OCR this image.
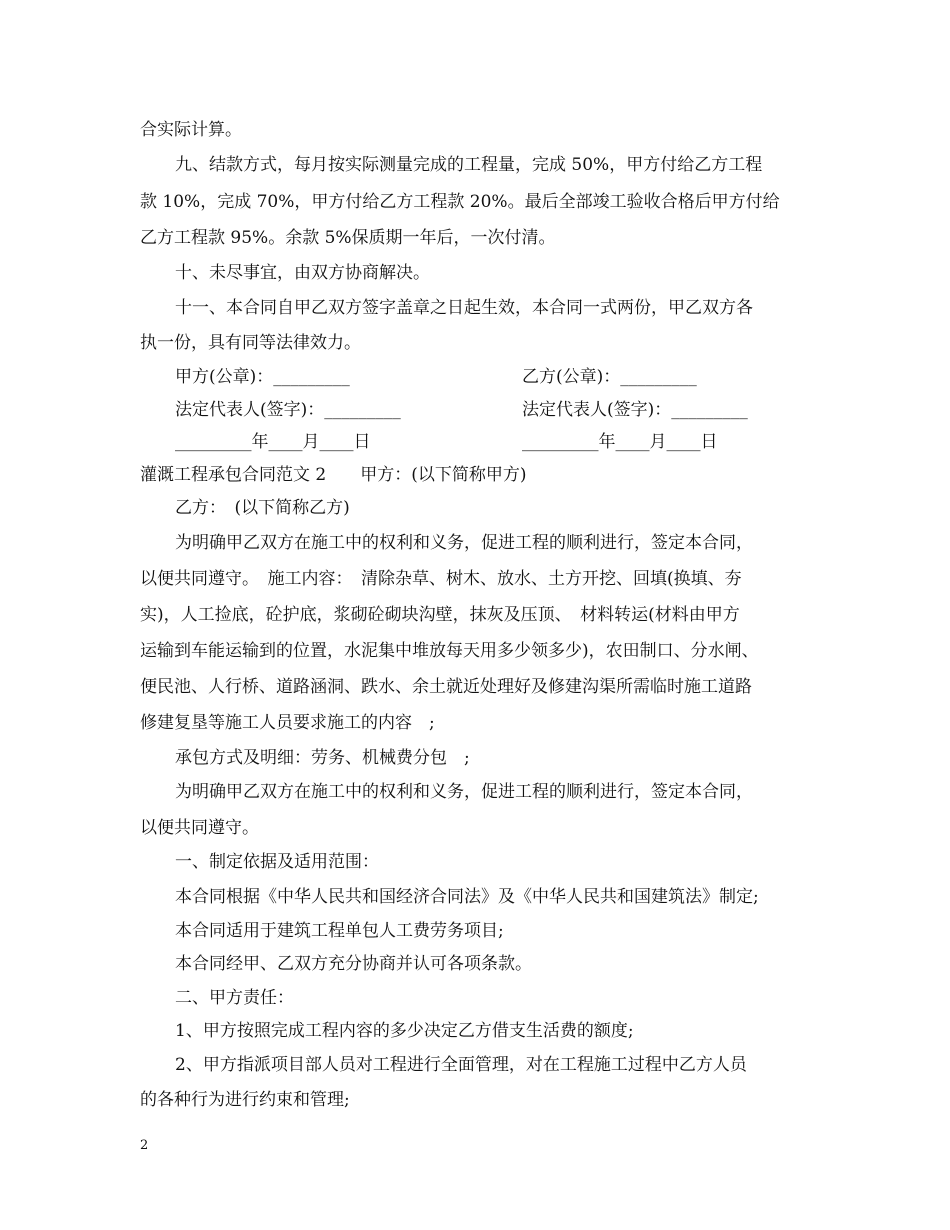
合实际计算。
九、结款方式，每月按实际测量完成的工程量，完成 50%，甲方付给乙方工程
款 10%，完成 70%，甲方付给乙方工程款 20%。最后全部竣工验收合格后甲方付给
乙方工程款 95%。余款 5%保质期一年后，一次付清。
十、未尽事宜，由双方协商解决。
十一、本合同自甲乙双方签字盖章之日起生效，本合同一式两份，甲乙双方各
执一份，具有同等法律效力。
甲方(公章)：_________	乙方(公章)：_________
法定代表人(签字)：_________	法定代表人(签字)：_________
_________年____月____日	_________年____月____日
灌溉工程承包合同范文 2　　甲方：(以下简称甲方)
乙方：　(以下简称乙方)
为明确甲乙双方在施工中的权利和义务，促进工程的顺利进行，签定本合同，
以便共同遵守。　施工内容：　清除杂草、树木、放水、土方开挖、回填(换填、夯
实)，人工捡底，砼护底，浆砌砼砌块沟壁，抹灰及压顶、　材料转运(材料由甲方
运输到车能运输到的位置，水泥集中堆放每天用多少领多少)，农田制口、分水闸、
便民池、人行桥、道路涵洞、跌水、余土就近处理好及修建沟渠所需临时施工道路
修建复垦等施工人员要求施工的内容　;
承包方式及明细：劳务、机械费分包　;
为明确甲乙双方在施工中的权利和义务，促进工程的顺利进行，签定本合同，
以便共同遵守。
一、制定依据及适用范围：
本合同根据《中华人民共和国经济合同法》及《中华人民共和国建筑法》制定;
本合同适用于建筑工程单包人工费劳务项目;
本合同经甲、乙双方充分协商并认可各项条款。
二、甲方责任：
1、甲方按照完成工程内容的多少决定乙方借支生活费的额度;
2、甲方指派项目部人员对工程进行全面管理，对在工程施工过程中乙方人员
的各种行为进行约束和管理;
2
